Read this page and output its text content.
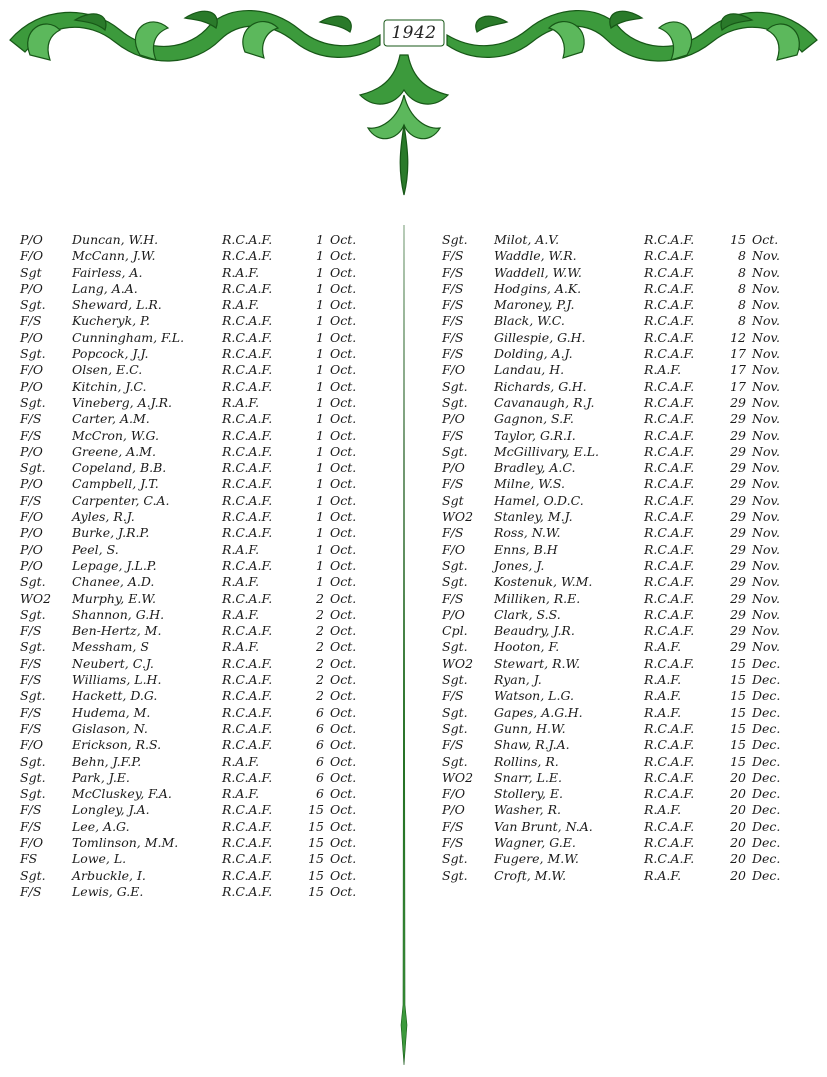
1942
P/O Duncan, W.H.	R.C.A.F.	1 Oct.
F/O McCann, J.W.	R.C.A.F.	1 Oct.
Sgt Fairless, A.	R.A.F.	1 Oct.
P/O Lang, A.A.	R.C.A.F.	1 Oct.
Sgt. Sheward, L.R.	R.A.F.	1 Oct.
F/S Kucheryk, P.	R.C.A.F.	1 Oct.
P/O Cunningham, F.L.	R.C.A.F.	1 Oct.
Sgt. Popcock, J.J.	R.C.A.F.	1 Oct.
F/O Olsen, E.C.	R.C.A.F.	1 Oct.
P/O Kitchin, J.C.	R.C.A.F.	1 Oct.
Sgt. Vineberg, A.J.R.	R.A.F.	1 Oct.
F/S Carter, A.M.	R.C.A.F.	1 Oct.
F/S McCron, W.G.	R.C.A.F.	1 Oct.
P/O Greene, A.M.	R.C.A.F.	1 Oct.
Sgt. Copeland, B.B.	R.C.A.F.	1 Oct.
P/O Campbell, J.T.	R.C.A.F.	1 Oct.
F/S Carpenter, C.A.	R.C.A.F.	1 Oct.
F/O Ayles, R.J.	R.C.A.F.	1 Oct.
P/O Burke, J.R.P.	R.C.A.F.	1 Oct.
P/O Peel, S.	R.A.F.	1 Oct.
P/O Lepage, J.L.P.	R.C.A.F.	1 Oct.
Sgt. Chanee, A.D.	R.A.F.	1 Oct.
WO2 Murphy, E.W.	R.C.A.F.	2 Oct.
Sgt. Shannon, G.H.	R.A.F.	2 Oct.
F/S Ben-Hertz, M.	R.C.A.F.	2 Oct.
Sgt. Messham, S	R.A.F.	2 Oct.
F/S Neubert, C.J.	R.C.A.F.	2 Oct.
F/S Williams, L.H.	R.C.A.F.	2 Oct.
Sgt. Hackett, D.G.	R.C.A.F.	2 Oct.
F/S Hudema, M.	R.C.A.F.	6 Oct.
F/S Gislason, N.	R.C.A.F.	6 Oct.
F/O Erickson, R.S.	R.C.A.F.	6 Oct.
Sgt. Behn, J.F.P.	R.A.F.	6 Oct.
Sgt. Park, J.E.	R.C.A.F.	6 Oct.
Sgt. McCluskey, F.A.	R.A.F.	6 Oct.
F/S Longley, J.A.	R.C.A.F.	15 Oct.
F/S Lee, A.G.	R.C.A.F.	15 Oct.
F/O Tomlinson, M.M.	R.C.A.F.	15 Oct.
FS	Lowe, L.	R.C.A.F.	15 Oct.
Sgt. Arbuckle, I.	R.C.A.F.	15 Oct.
F/S Lewis, G.E.	R.C.A.F.	15 Oct.
Sgt. Milot, A.V.	R.C.A.F.	15 Oct.
F/S Waddle, W.R.	R.C.A.F.	8 Nov.
F/S Waddell, W.W.	R.C.A.F.	8 Nov.
F/S Hodgins, A.K.	R.C.A.F.	8 Nov.
F/S Maroney, P.J.	R.C.A.F.	8 Nov.
F/S Black, W.C.	R.C.A.F.	8 Nov.
F/S Gillespie, G.H.	R.C.A.F.	12 Nov.
F/S Dolding, A.J.	R.C.A.F.	17 Nov.
F/O Landau, H.	R.A.F.	17 Nov.
Sgt. Richards, G.H.	R.C.A.F.	17 Nov.
Sgt. Cavanaugh, R.J.	R.C.A.F.	29 Nov.
P/O Gagnon, S.F.	R.C.A.F.	29 Nov.
F/S Taylor, G.R.I.	R.C.A.F.	29 Nov.
Sgt. McGillivary, E.L.	R.C.A.F.	29 Nov.
P/O Bradley, A.C.	R.C.A.F.	29 Nov.
F/S Milne, W.S.	R.C.A.F.	29 Nov.
Sgt Hamel, O.D.C.	R.C.A.F.	29 Nov.
WO2 Stanley, M.J.	R.C.A.F.	29 Nov.
F/S Ross, N.W.	R.C.A.F.	29 Nov.
F/O Enns, B.H	R.C.A.F.	29 Nov.
Sgt. Jones, J.	R.C.A.F.	29 Nov.
Sgt. Kostenuk, W.M.	R.C.A.F.	29 Nov.
F/S Milliken, R.E.	R.C.A.F.	29 Nov.
P/O Clark, S.S.	R.C.A.F.	29 Nov.
Cpl. Beaudry, J.R.	R.C.A.F.	29 Nov.
Sgt. Hooton, F.	R.A.F.	29 Nov.
WO2 Stewart, R.W.	R.C.A.F.	15 Dec.
Sgt. Ryan, J.	R.A.F.	15 Dec.
F/S Watson, L.G.	R.A.F.	15 Dec.
Sgt. Gapes, A.G.H.	R.A.F.	15 Dec.
Sgt. Gunn, H.W.	R.C.A.F.	15 Dec.
F/S Shaw, R.J.A.	R.C.A.F.	15 Dec.
Sgt. Rollins, R.	R.C.A.F.	15 Dec.
WO2 Snarr, L.E.	R.C.A.F.	20 Dec.
F/O Stollery, E.	R.C.A.F.	20 Dec.
P/O Washer, R.	R.A.F.	20 Dec.
F/S Van Brunt, N.A.	R.C.A.F.	20 Dec.
F/S Wagner, G.E.	R.C.A.F.	20 Dec.
Sgt. Fugere, M.W.	R.C.A.F.	20 Dec.
Sgt. Croft, M.W.	R.A.F.	20 Dec.
